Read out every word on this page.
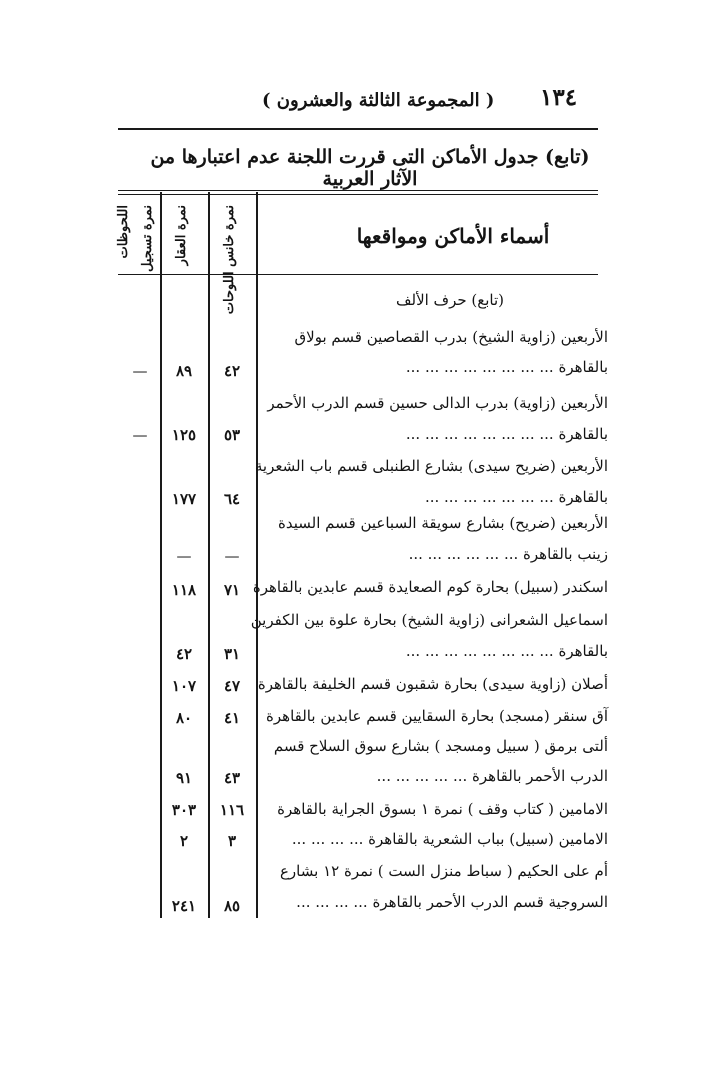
١٣٤
( المجموعة الثالثة والعشرون )
(تابع) جدول الأماكن التى قررت اللجنة عدم اعتبارها من الآثار العربية
اللحوظات نمرة تسجيل نمرة العقار	نمرة خانس اللوحات	أسماء الأماكن ومواقعها
(تابع) حرف الألف
الأربعين (زاوية الشيخ) بدرب القصاصين قسم بولاق
بالقاهرة ... ... ... ... ... ... ... ...
٤٢
٨٩
—
الأربعين (زاوية) بدرب الدالى حسين قسم الدرب الأحمر
بالقاهرة ... ... ... ... ... ... ... ...
٥٣
١٢٥
—
الأربعين (ضريح سيدى) بشارع الطنبلى قسم باب الشعرية
بالقاهرة ... ... ... ... ... ... ...
٦٤
١٧٧
الأربعين (ضريح) بشارع سويقة السباعين قسم السيدة
زينب بالقاهرة ... ... ... ... ... ...
—
—
اسكندر (سبيل) بحارة كوم الصعايدة قسم عابدين بالقاهرة
٧١
١١٨
اسماعيل الشعرانى (زاوية الشيخ) بحارة علوة بين الكفرين
بالقاهرة ... ... ... ... ... ... ... ...
٣١
٤٢
أصلان (زاوية سيدى) بحارة شقبون قسم الخليفة بالقاهرة
٤٧
١٠٧
آق سنقر (مسجد) بحارة السقايين قسم عابدين بالقاهرة
٤١
٨٠
ألتى برمق ( سبيل ومسجد ) بشارع سوق السلاح قسم
الدرب الأحمر بالقاهرة ... ... ... ... ...
٤٣
٩١
الامامين ( كتاب وقف ) نمرة ١ بسوق الجراية بالقاهرة
١١٦
٣٠٣
الامامين (سبيل) بباب الشعرية بالقاهرة ... ... ... ...
٣
٢
أم على الحكيم ( سباط منزل الست ) نمرة ١٢ بشارع
السروجية قسم الدرب الأحمر بالقاهرة ... ... ... ...
٨٥
٢٤١
